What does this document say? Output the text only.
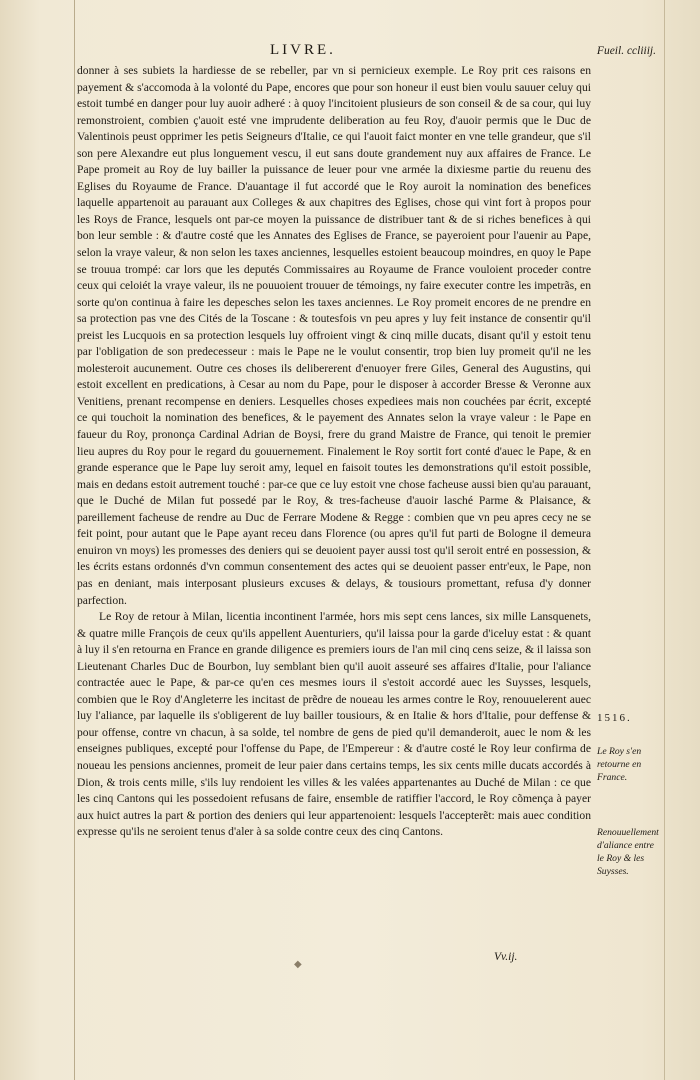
LIVRE.	Fueil. ccliiij.

donner à ses subiets la hardiesse de se rebeller, par vn si pernicieux exemple. Le Roy prit ces raisons en payement & s'accomoda à la volonté du Pape, encores que pour son honeur il eust bien voulu sauuer celuy qui estoit tumbé en danger pour luy auoir adheré : à quoy l'incitoient plusieurs de son conseil & de sa cour, qui luy remonstroient, combien ç'auoit esté vne imprudente deliberation au feu Roy, d'auoir permis que le Duc de Valentinois peust opprimer les petis Seigneurs d'Italie, ce qui l'auoit faict monter en vne telle grandeur, que s'il son pere Alexandre eut plus longuement vescu, il eut sans doute grandement nuy aux affaires de France. Le Pape promeit au Roy de luy bailler la puissance de leuer pour vne armée la dixiesme partie du reuenu des Eglises du Royaume de France. D'auantage il fut accordé que le Roy auroit la nomination des benefices laquelle appartenoit au parauant aux Colleges & aux chapitres des Eglises, chose qui vint fort à propos pour les Roys de France, lesquels ont par-ce moyen la puissance de distribuer tant & de si riches benefices à qui bon leur semble : & d'autre costé que les Annates des Eglises de France, se payeroient pour l'auenir au Pape, selon la vraye valeur, & non selon les taxes anciennes, lesquelles estoient beaucoup moindres, en quoy le Pape se trouua trompé: car lors que les deputés Commissaires au Royaume de France vouloient proceder contre ceux qui celoiét la vraye valeur, ils ne pouuoient trouuer de témoings, ny faire executer contre les impetrãs, en sorte qu'on continua à faire les depesches selon les taxes anciennes. Le Roy promeit encores de ne prendre en sa protection pas vne des Cités de la Toscane : & toutesfois vn peu apres y luy feit instance de consentir qu'il preist les Lucquois en sa protection lesquels luy offroient vingt & cinq mille ducats, disant qu'il y estoit tenu par l'obligation de son predecesseur : mais le Pape ne le voulut consentir, trop bien luy promeit qu'il ne les molesteroit aucunement. Outre ces choses ils delibererent d'enuoyer frere Giles, General des Augustins, qui estoit excellent en predications, à Cesar au nom du Pape, pour le disposer à accorder Bresse & Veronne aux Venitiens, prenant recompense en deniers. Lesquelles choses expediees mais non couchées par écrit, excepté ce qui touchoit la nomination des benefices, & le payement des Annates selon la vraye valeur : le Pape en faueur du Roy, prononça Cardinal Adrian de Boysi, frere du grand Maistre de France, qui tenoit le premier lieu aupres du Roy pour le regard du gouuernement. Finalement le Roy sortit fort conté d'auec le Pape, & en grande esperance que le Pape luy seroit amy, lequel en faisoit toutes les demonstrations qu'il estoit possible, mais en dedans estoit autrement touché : par-ce que ce luy estoit vne chose facheuse aussi bien qu'au parauant, que le Duché de Milan fut possedé par le Roy, & tres-facheuse d'auoir lasché Parme & Plaisance, & pareillement facheuse de rendre au Duc de Ferrare Modene & Regge : combien que vn peu apres cecy ne se feit point, pour autant que le Pape ayant receu dans Florence (ou apres qu'il fut parti de Bologne il demeura enuiron vn moys) les promesses des deniers qui se deuoient payer aussi tost qu'il seroit entré en possession, & les écrits estans ordonnés d'vn commun consentement des actes qui se deuoient passer entr'eux, le Pape, non pas en deniant, mais interposant plusieurs excuses & delays, & tousiours promettant, refusa d'y donner parfection.

Le Roy de retour à Milan, licentia incontinent l'armée, hors mis sept cens lances, six mille Lansquenets, & quatre mille François de ceux qu'ils appellent Auenturiers, qu'il laissa pour la garde d'iceluy estat : & quant à luy il s'en retourna en France en grande diligence es premiers iours de l'an mil cinq cens seize, & il laissa son Lieutenant Charles Duc de Bourbon, luy semblant bien qu'il auoit asseuré ses affaires d'Italie, pour l'aliance contractée auec le Pape, & par-ce qu'en ces mesmes iours il s'estoit accordé auec les Suysses, lesquels, combien que le Roy d'Angleterre les incitast de prẽdre de noueau les armes contre le Roy, renouuelerent auec luy l'aliance, par laquelle ils s'obligerent de luy bailler tousiours, & en Italie & hors d'Italie, pour deffense & pour offense, contre vn chacun, à sa solde, tel nombre de gens de pied qu'il demanderoit, auec le nom & les enseignes publiques, excepté pour l'offense du Pape, de l'Empereur : & d'autre costé le Roy leur confirma de noueau les pensions anciennes, promeit de leur paier dans certains temps, les six cents mille ducats accordés à Dion, & trois cents mille, s'ils luy rendoient les villes & les valées appartenantes au Duché de Milan : ce que les cinq Cantons qui les possedoient refusans de faire, ensemble de ratiffier l'accord, le Roy cõmença à payer aux huict autres la part & portion des deniers qui leur appartenoient: lesquels l'accepterẽt: mais auec condition expresse qu'ils ne seroient tenus d'aler à sa solde contre ceux des cinq Cantons.

1516.
Le Roy s'en retourne en France.
Renouuellement d'aliance entre le Roy & les Suysses.
◆
Vv.ij.
